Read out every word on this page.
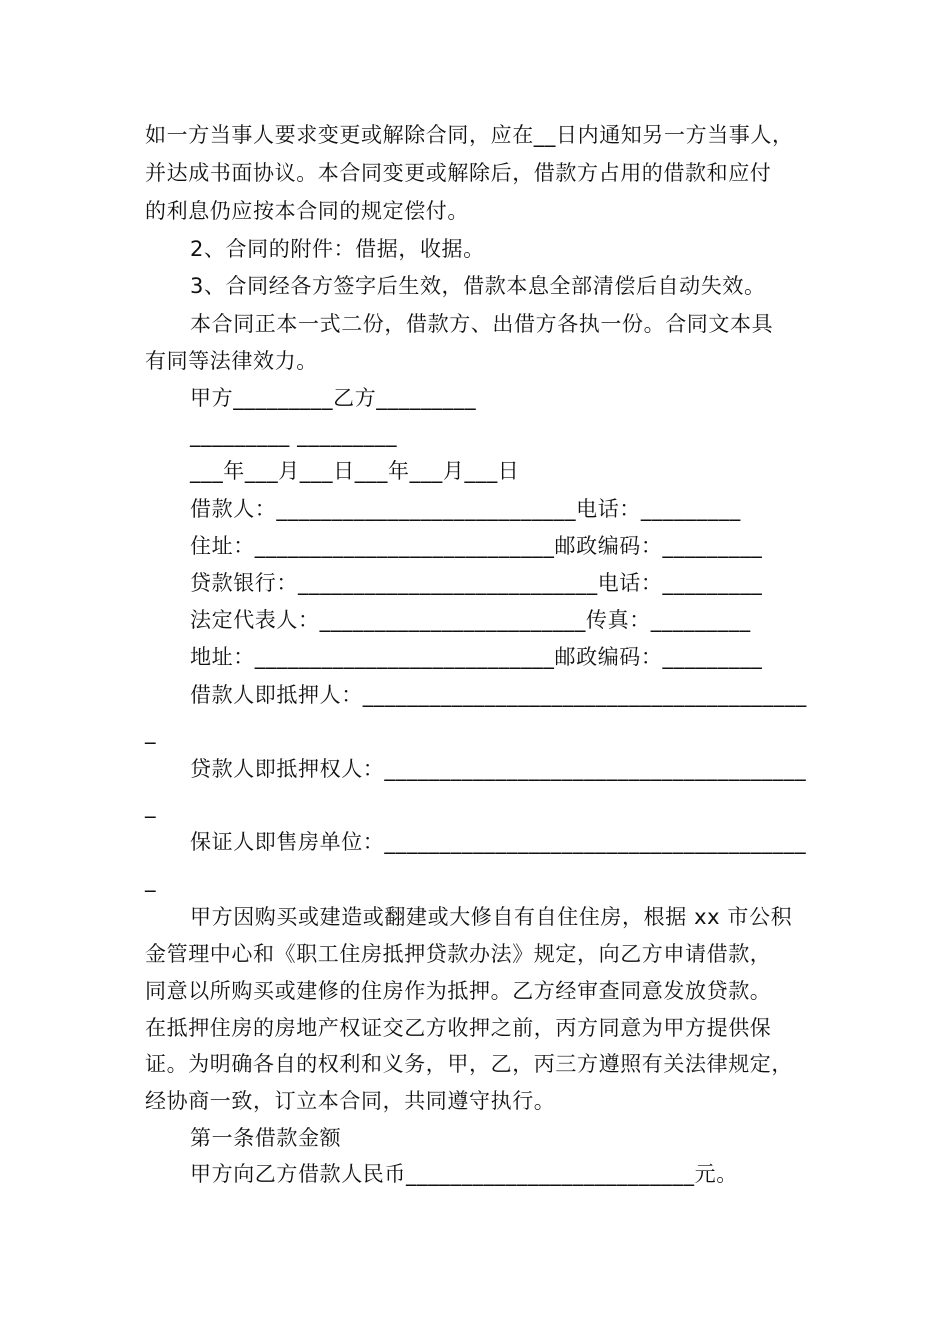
如一方当事人要求变更或解除合同，应在__日内通知另一方当事人，
并达成书面协议。本合同变更或解除后，借款方占用的借款和应付
的利息仍应按本合同的规定偿付。
2、合同的附件：借据，收据。
3、合同经各方签字后生效，借款本息全部清偿后自动失效。
本合同正本一式二份，借款方、出借方各执一份。合同文本具
有同等法律效力。
甲方_________乙方_________
_________ _________
___年___月___日___年___月___日
借款人：___________________________电话：_________
住址：___________________________邮政编码：_________
贷款银行：___________________________电话：_________
法定代表人：________________________传真：_________
地址：___________________________邮政编码：_________
借款人即抵押人：________________________________________
_
贷款人即抵押权人：______________________________________
_
保证人即售房单位：______________________________________
_
甲方因购买或建造或翻建或大修自有自住住房，根据 xx 市公积
金管理中心和《职工住房抵押贷款办法》规定，向乙方申请借款，
同意以所购买或建修的住房作为抵押。乙方经审查同意发放贷款。
在抵押住房的房地产权证交乙方收押之前，丙方同意为甲方提供保
证。为明确各自的权利和义务，甲，乙，丙三方遵照有关法律规定，
经协商一致，订立本合同，共同遵守执行。
第一条借款金额
甲方向乙方借款人民币__________________________元。
